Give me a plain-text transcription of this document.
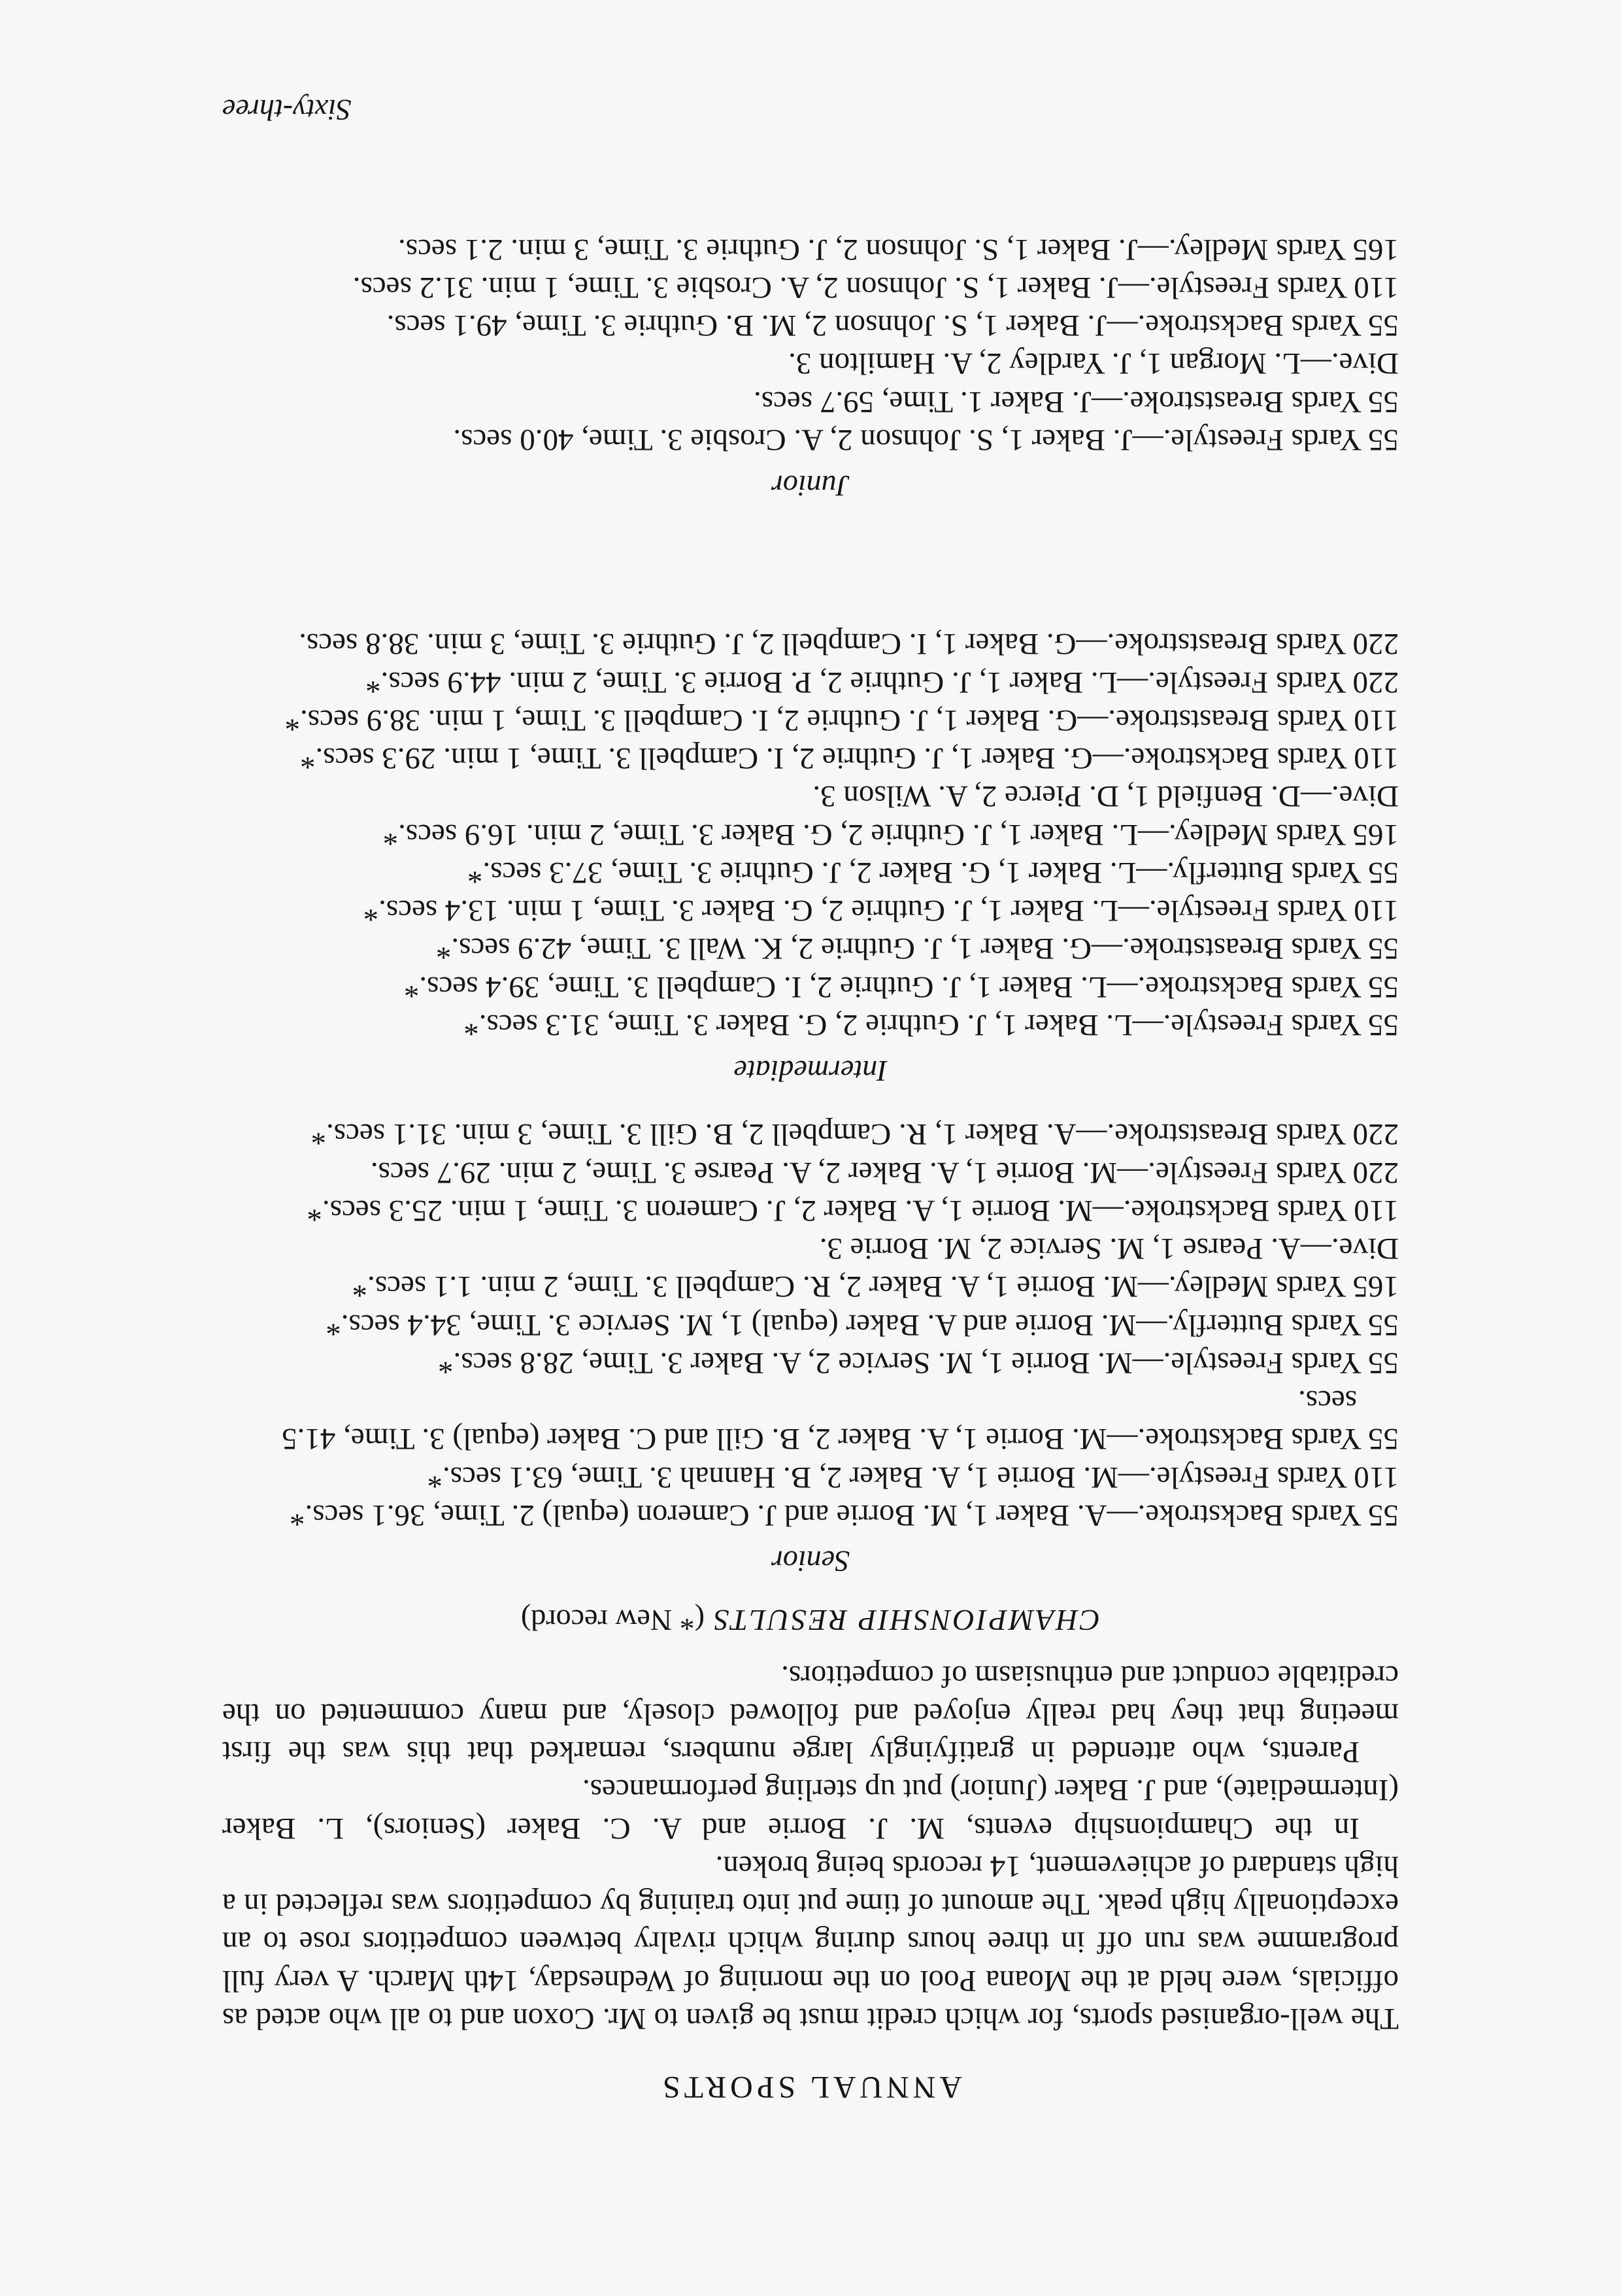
ANNUAL SPORTS

The well-organised sports, for which credit must be given to Mr. Coxon and to all who acted as officials, were held at the Moana Pool on the morning of Wednesday, 14th March. A very full programme was run off in three hours during which rivalry between competitors rose to an exceptionally high peak. The amount of time put into training by competitors was reflected in a high standard of achievement, 14 records being broken.

In the Championship events, M. J. Borrie and A. C. Baker (Seniors), L. Baker (Intermediate), and J. Baker (Junior) put up sterling performances.

Parents, who attended in gratifyingly large numbers, remarked that this was the first meeting that they had really enjoyed and followed closely, and many commented on the creditable conduct and enthusiasm of competitors.

CHAMPIONSHIP RESULTS (* New record)
Senior
55 Yards Backstroke.—A. Baker 1, M. Borrie and J. Cameron (equal) 2. Time, 36.1 secs.*
110 Yards Freestyle.—M. Borrie 1, A. Baker 2, B. Hannah 3. Time, 63.1 secs.*
55 Yards Backstroke.—M. Borrie 1, A. Baker 2, B. Gill and C. Baker (equal) 3. Time, 41.5 secs.
55 Yards Freestyle.—M. Borrie 1, M. Service 2, A. Baker 3. Time, 28.8 secs.*
55 Yards Butterfly.—M. Borrie and A. Baker (equal) 1, M. Service 3. Time, 34.4 secs.*
165 Yards Medley.—M. Borrie 1, A. Baker 2, R. Campbell 3. Time, 2 min. 1.1 secs.*
Dive.—A. Pearse 1, M. Service 2, M. Borrie 3.
110 Yards Backstroke.—M. Borrie 1, A. Baker 2, J. Cameron 3. Time, 1 min. 25.3 secs.*
220 Yards Freestyle.—M. Borrie 1, A. Baker 2, A. Pearse 3. Time, 2 min. 29.7 secs.
220 Yards Breaststroke.—A. Baker 1, R. Campbell 2, B. Gill 3. Time, 3 min. 31.1 secs.*
Intermediate
55 Yards Freestyle.—L. Baker 1, J. Guthrie 2, G. Baker 3. Time, 31.3 secs.*
55 Yards Backstroke.—L. Baker 1, J. Guthrie 2, I. Campbell 3. Time, 39.4 secs.*
55 Yards Breaststroke.—G. Baker 1, J. Guthrie 2, K. Wall 3. Time, 42.9 secs.*
110 Yards Freestyle.—L. Baker 1, J. Guthrie 2, G. Baker 3. Time, 1 min. 13.4 secs.*
55 Yards Butterfly.—L. Baker 1, G. Baker 2, J. Guthrie 3. Time, 37.3 secs.*
165 Yards Medley.—L. Baker 1, J. Guthrie 2, G. Baker 3. Time, 2 min. 16.9 secs.*
Dive.—D. Benfield 1, D. Pierce 2, A. Wilson 3.
110 Yards Backstroke.—G. Baker 1, J. Guthrie 2, I. Campbell 3. Time, 1 min. 29.3 secs.*
110 Yards Breaststroke.—G. Baker 1, J. Guthrie 2, I. Campbell 3. Time, 1 min. 38.9 secs.*
220 Yards Freestyle.—L. Baker 1, J. Guthrie 2, P. Borrie 3. Time, 2 min. 44.9 secs.*
220 Yards Breaststroke.—G. Baker 1, I. Campbell 2, J. Guthrie 3. Time, 3 min. 38.8 secs.
Junior
55 Yards Freestyle.—J. Baker 1, S. Johnson 2, A. Crosbie 3. Time, 40.0 secs.
55 Yards Breaststroke.—J. Baker 1. Time, 59.7 secs.
Dive.—L. Morgan 1, J. Yardley 2, A. Hamilton 3.
55 Yards Backstroke.—J. Baker 1, S. Johnson 2, M. B. Guthrie 3. Time, 49.1 secs.
110 Yards Freestyle.—J. Baker 1, S. Johnson 2, A. Crosbie 3. Time, 1 min. 31.2 secs.
165 Yards Medley.—J. Baker 1, S. Johnson 2, J. Guthrie 3. Time, 3 min. 2.1 secs.
Sixty-three
